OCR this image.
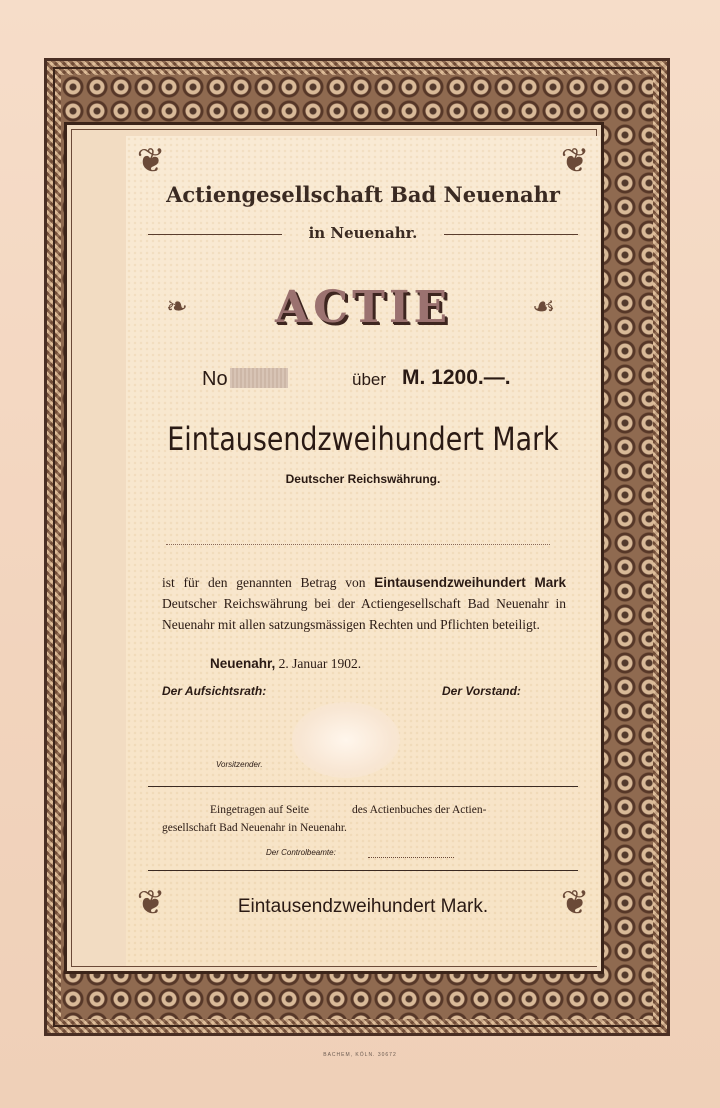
❦	❦
❦	❦
Actiengesellschaft Bad Neuenahr
in Neuenahr.
❧	ACTIE	☙
No	über M. 1200.—.
Eintausendzweihundert Mark
Deutscher Reichswährung.
ist für den genannten Betrag von Eintausendzweihundert Mark Deutscher Reichswährung bei der Actiengesellschaft Bad Neuenahr in Neuenahr mit allen satzungsmässigen Rechten und Pflichten beteiligt.
Neuenahr, 2. Januar 1902.
Der Aufsichtsrath:	Der Vorstand:
Vorsitzender.
Eingetragen auf Seite	des Actienbuches der Actien-
gesellschaft Bad Neuenahr in Neuenahr.
Der Controlbeamte:
Eintausendzweihundert Mark.
BACHEM, KÖLN. 30672
